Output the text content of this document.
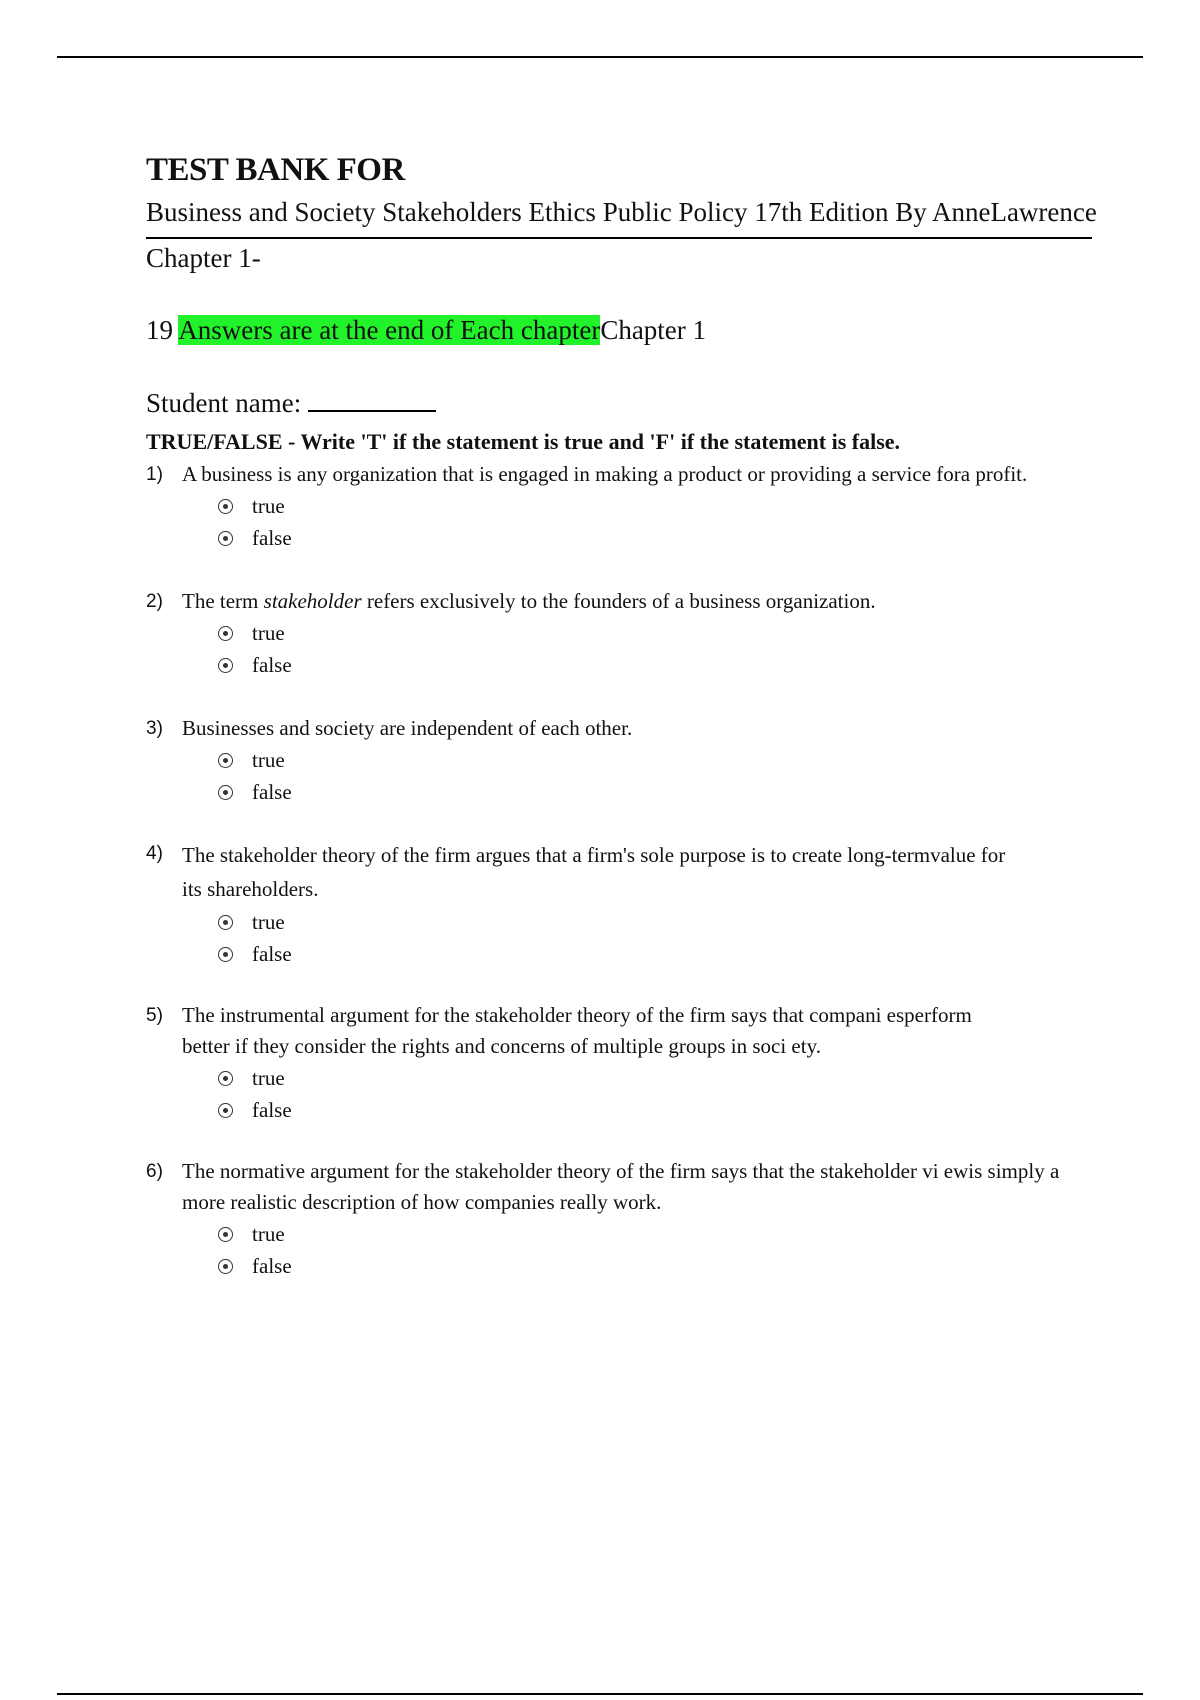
TEST BANK FOR
Business and Society Stakeholders Ethics Public Policy 17th Edition By AnneLawrence
Chapter 1-
19 Answers are at the end of Each chapterChapter 1
Student name:
TRUE/FALSE - Write 'T' if the statement is true and 'F' if the statement is false.
1) A business is any organization that is engaged in making a product or providing a service fora profit.
true
false
2) The term stakeholder refers exclusively to the founders of a business organization.
true
false
3) Businesses and society are independent of each other.
true
false
4) The stakeholder theory of the firm argues that a firm's sole purpose is to create long-termvalue for its shareholders.
true
false
5) The instrumental argument for the stakeholder theory of the firm says that compani esperform better if they consider the rights and concerns of multiple groups in soci ety.
true
false
6) The normative argument for the stakeholder theory of the firm says that the stakeholder vi ewis simply a more realistic description of how companies really work.
true
false
